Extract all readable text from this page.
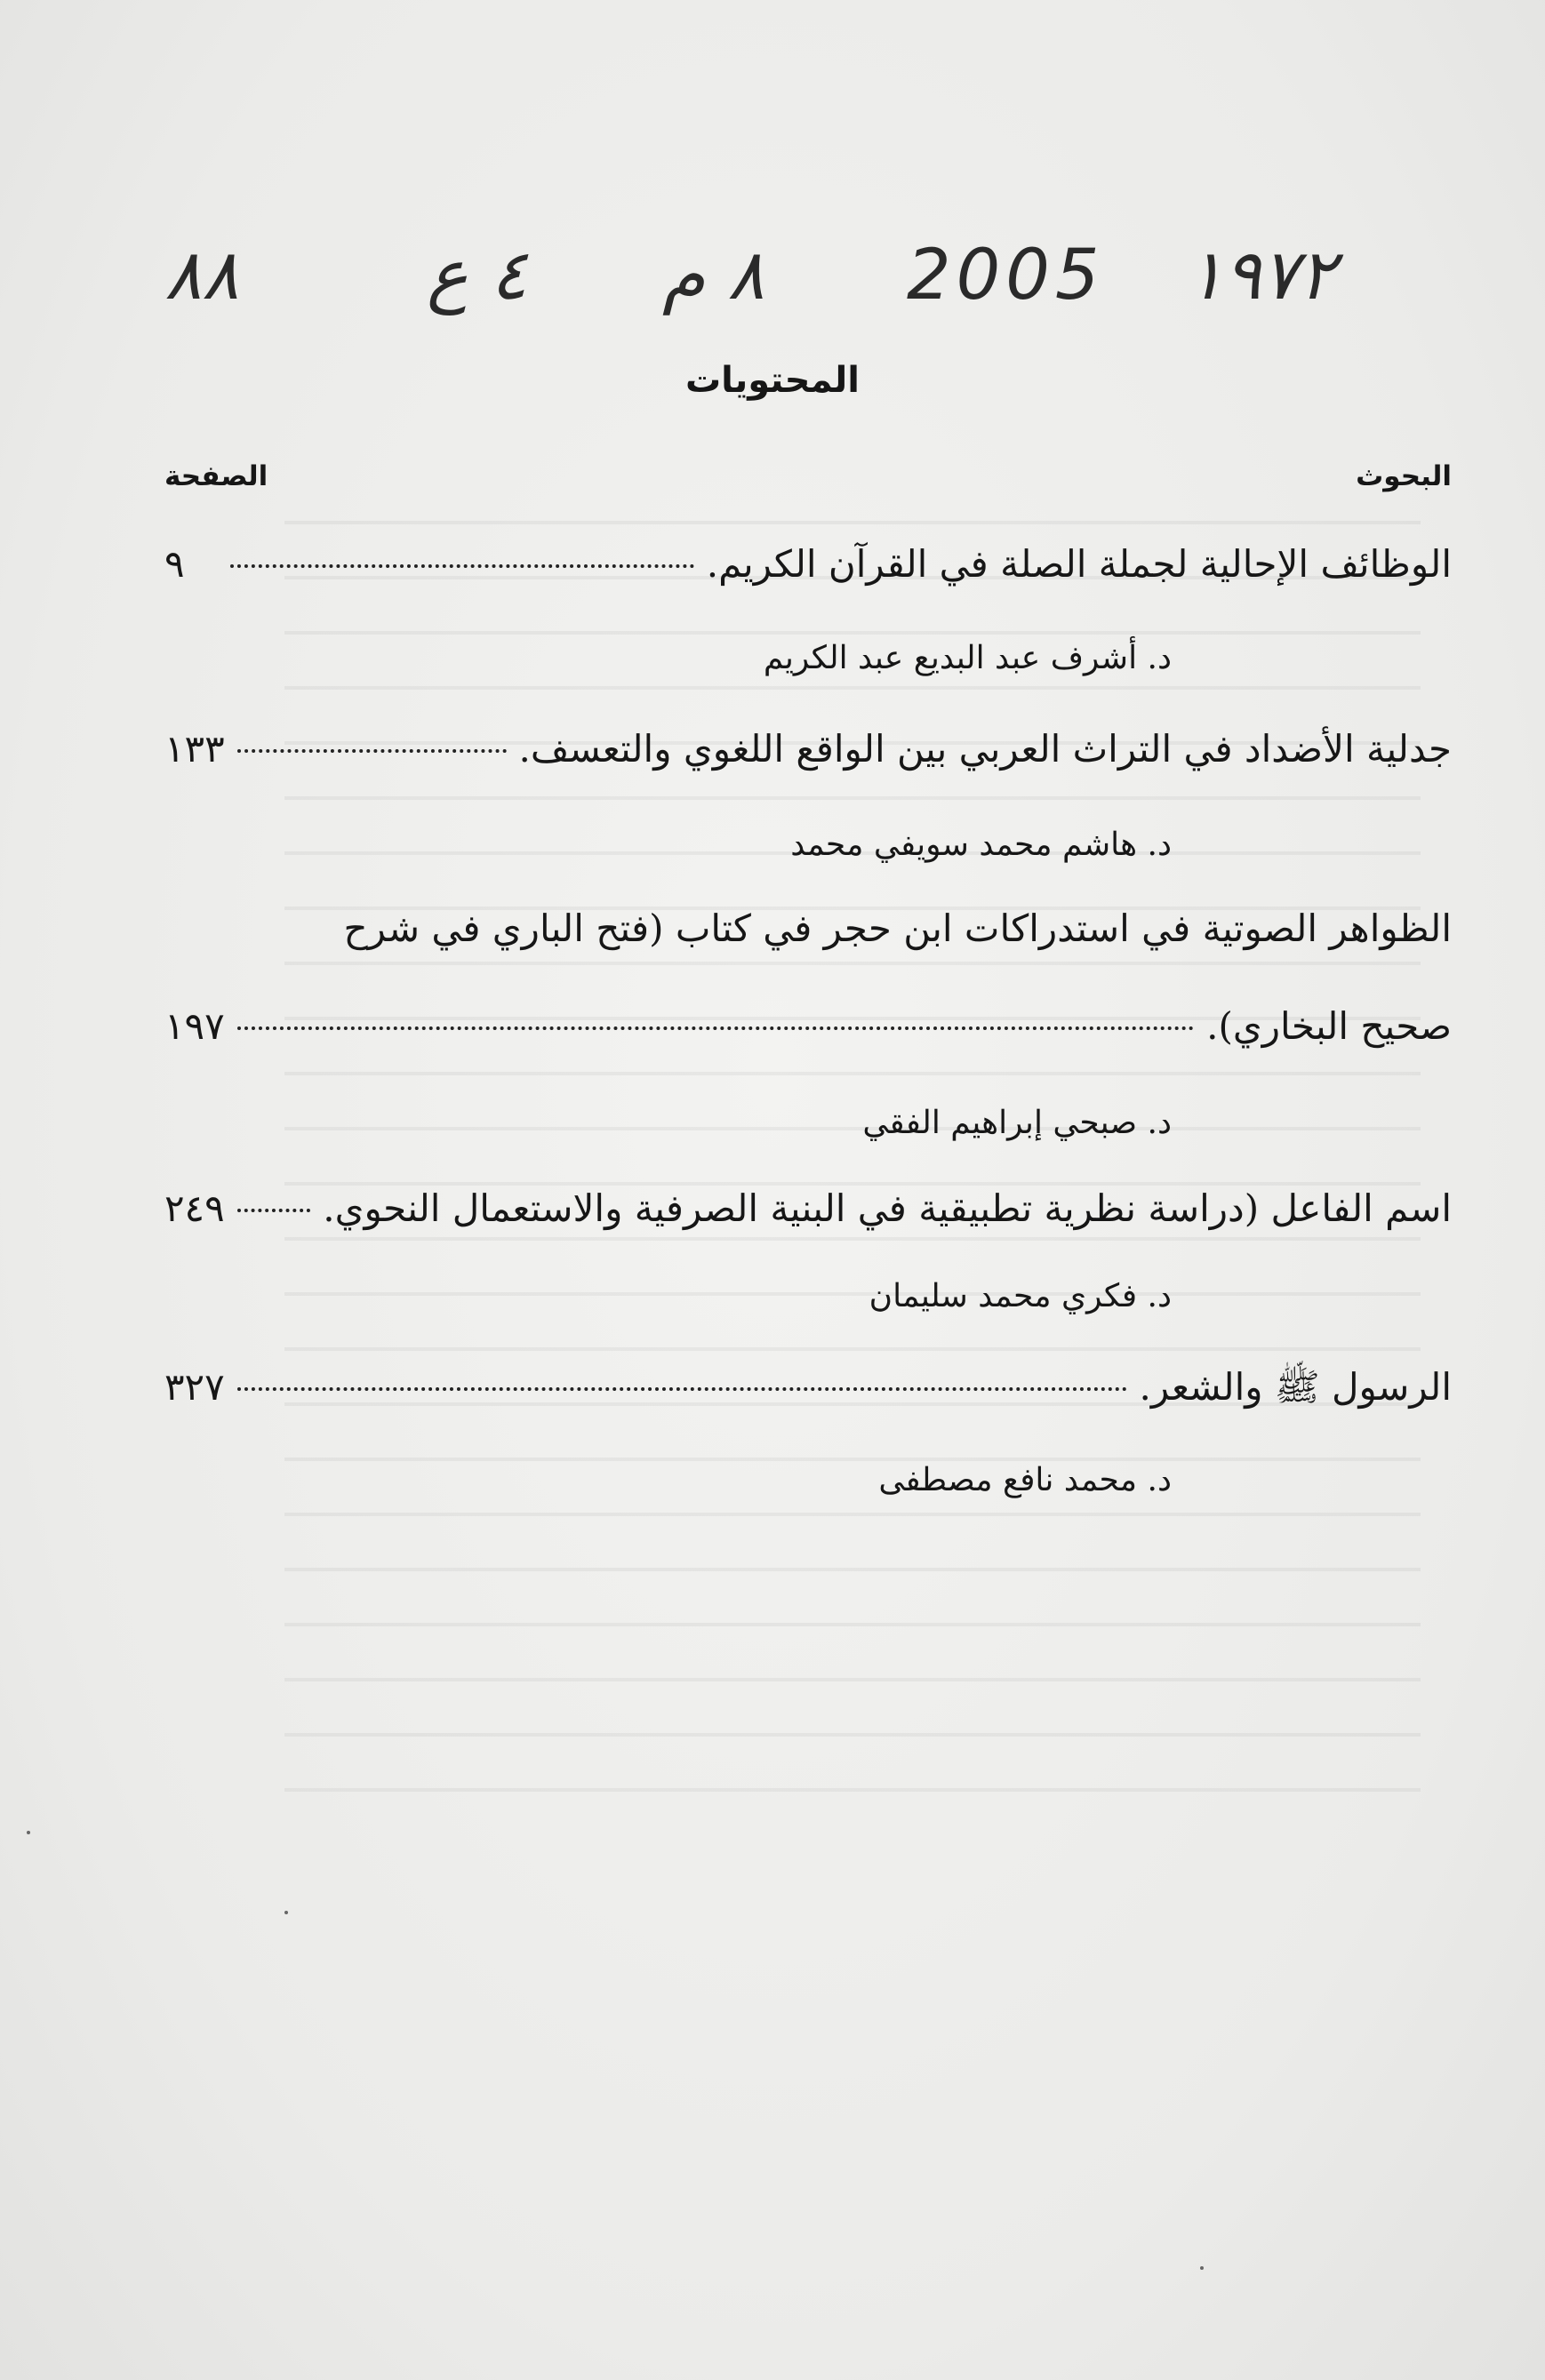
٨٨	٤ ع ٨ م 2005 ١٩٧٢
المحتويات
البحوث
الصفحة
الوظائف الإحالية لجملة الصلة في القرآن الكريم.
٩
د. أشرف عبد البديع عبد الكريم
جدلية الأضداد في التراث العربي بين الواقع اللغوي والتعسف.
١٣٣
د. هاشم محمد سويفي محمد
الظواهر الصوتية في استدراكات ابن حجر في كتاب (فتح الباري في شرح
صحيح البخاري).
١٩٧
د. صبحي إبراهيم الفقي
اسم الفاعل (دراسة نظرية تطبيقية في البنية الصرفية والاستعمال النحوي.
٢٤٩
د. فكري محمد سليمان
الرسول ﷺ والشعر.
٣٢٧
د. محمد نافع مصطفى
